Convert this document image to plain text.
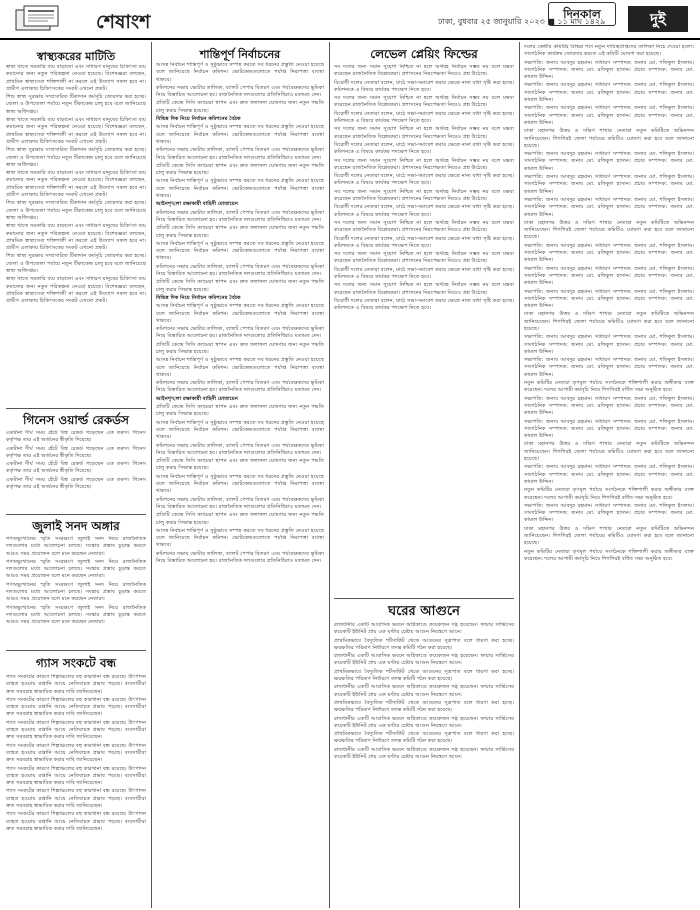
শেষাংশ	ঢাকা, বুধবার ২৫ জানুয়ারি ২০২৩ ■ ১১ মাঘ ১৪২৯
দিনকাল	দুই
স্বাস্থ্যকরের মাটিতি

স্বাস্থ্য খাতে সরকারি ব্যয় বাড়ানো এবং সাধারণ মানুষের চিকিৎসা ব্যয় কমানোর জন্য নতুন পরিকল্পনা নেওয়া হয়েছে। বিশেষজ্ঞরা বলছেন, প্রাথমিক স্বাস্থ্যসেবা শক্তিশালী না করলে এই উদ্যোগ সফল হবে না। গ্রামীণ এলাকায় চিকিৎসকের সংকট এখনো প্রকট।

শিশু স্বাস্থ্য সুরক্ষায় সম্প্রসারিত টিকাদান কর্মসূচি জোরদার করা হচ্ছে। জেলা ও উপজেলা পর্যায়ে নতুন টিকাকেন্দ্র চালু হবে বলে জানিয়েছে স্বাস্থ্য অধিদপ্তর।

স্বাস্থ্য খাতে সরকারি ব্যয় বাড়ানো এবং সাধারণ মানুষের চিকিৎসা ব্যয় কমানোর জন্য নতুন পরিকল্পনা নেওয়া হয়েছে। বিশেষজ্ঞরা বলছেন, প্রাথমিক স্বাস্থ্যসেবা শক্তিশালী না করলে এই উদ্যোগ সফল হবে না। গ্রামীণ এলাকায় চিকিৎসকের সংকট এখনো প্রকট।

শিশু স্বাস্থ্য সুরক্ষায় সম্প্রসারিত টিকাদান কর্মসূচি জোরদার করা হচ্ছে। জেলা ও উপজেলা পর্যায়ে নতুন টিকাকেন্দ্র চালু হবে বলে জানিয়েছে স্বাস্থ্য অধিদপ্তর।

স্বাস্থ্য খাতে সরকারি ব্যয় বাড়ানো এবং সাধারণ মানুষের চিকিৎসা ব্যয় কমানোর জন্য নতুন পরিকল্পনা নেওয়া হয়েছে। বিশেষজ্ঞরা বলছেন, প্রাথমিক স্বাস্থ্যসেবা শক্তিশালী না করলে এই উদ্যোগ সফল হবে না। গ্রামীণ এলাকায় চিকিৎসকের সংকট এখনো প্রকট।

শিশু স্বাস্থ্য সুরক্ষায় সম্প্রসারিত টিকাদান কর্মসূচি জোরদার করা হচ্ছে। জেলা ও উপজেলা পর্যায়ে নতুন টিকাকেন্দ্র চালু হবে বলে জানিয়েছে স্বাস্থ্য অধিদপ্তর।

স্বাস্থ্য খাতে সরকারি ব্যয় বাড়ানো এবং সাধারণ মানুষের চিকিৎসা ব্যয় কমানোর জন্য নতুন পরিকল্পনা নেওয়া হয়েছে। বিশেষজ্ঞরা বলছেন, প্রাথমিক স্বাস্থ্যসেবা শক্তিশালী না করলে এই উদ্যোগ সফল হবে না। গ্রামীণ এলাকায় চিকিৎসকের সংকট এখনো প্রকট।

শিশু স্বাস্থ্য সুরক্ষায় সম্প্রসারিত টিকাদান কর্মসূচি জোরদার করা হচ্ছে। জেলা ও উপজেলা পর্যায়ে নতুন টিকাকেন্দ্র চালু হবে বলে জানিয়েছে স্বাস্থ্য অধিদপ্তর।

স্বাস্থ্য খাতে সরকারি ব্যয় বাড়ানো এবং সাধারণ মানুষের চিকিৎসা ব্যয় কমানোর জন্য নতুন পরিকল্পনা নেওয়া হয়েছে। বিশেষজ্ঞরা বলছেন, প্রাথমিক স্বাস্থ্যসেবা শক্তিশালী না করলে এই উদ্যোগ সফল হবে না। গ্রামীণ এলাকায় চিকিৎসকের সংকট এখনো প্রকট।

গিনেস ওয়ার্ল্ড রেকর্ডস

একটানা দীর্ঘ সময় হেঁটে বিশ্ব রেকর্ড গড়েছেন এক তরুণ। গিনেস কর্তৃপক্ষ তার এই অর্জনের স্বীকৃতি দিয়েছে।

একটানা দীর্ঘ সময় হেঁটে বিশ্ব রেকর্ড গড়েছেন এক তরুণ। গিনেস কর্তৃপক্ষ তার এই অর্জনের স্বীকৃতি দিয়েছে।

একটানা দীর্ঘ সময় হেঁটে বিশ্ব রেকর্ড গড়েছেন এক তরুণ। গিনেস কর্তৃপক্ষ তার এই অর্জনের স্বীকৃতি দিয়েছে।

একটানা দীর্ঘ সময় হেঁটে বিশ্ব রেকর্ড গড়েছেন এক তরুণ। গিনেস কর্তৃপক্ষ তার এই অর্জনের স্বীকৃতি দিয়েছে।

জুলাই সনদ অঙ্গার

গণঅভ্যুত্থানের স্মৃতি সংরক্ষণে জুলাই সনদ নিয়ে রাজনৈতিক দলগুলোর মধ্যে আলোচনা চলছে। সংস্কার প্রস্তাব চূড়ান্ত করতে আরও সময় প্রয়োজন বলে মনে করছেন নেতারা।

গণঅভ্যুত্থানের স্মৃতি সংরক্ষণে জুলাই সনদ নিয়ে রাজনৈতিক দলগুলোর মধ্যে আলোচনা চলছে। সংস্কার প্রস্তাব চূড়ান্ত করতে আরও সময় প্রয়োজন বলে মনে করছেন নেতারা।

গণঅভ্যুত্থানের স্মৃতি সংরক্ষণে জুলাই সনদ নিয়ে রাজনৈতিক দলগুলোর মধ্যে আলোচনা চলছে। সংস্কার প্রস্তাব চূড়ান্ত করতে আরও সময় প্রয়োজন বলে মনে করছেন নেতারা।

গণঅভ্যুত্থানের স্মৃতি সংরক্ষণে জুলাই সনদ নিয়ে রাজনৈতিক দলগুলোর মধ্যে আলোচনা চলছে। সংস্কার প্রস্তাব চূড়ান্ত করতে আরও সময় প্রয়োজন বলে মনে করছেন নেতারা।

গ্যাস সংকটে বন্ধ

গ্যাস সংকটের কারণে শিল্পাঞ্চলের বহু কারখানা বন্ধ রয়েছে। উৎপাদন ব্যাহত হওয়ায় রপ্তানি আয়ে নেতিবাচক প্রভাব পড়ছে। ব্যবসায়ীরা দ্রুত সরবরাহ স্বাভাবিক করার দাবি জানিয়েছেন।

গ্যাস সংকটের কারণে শিল্পাঞ্চলের বহু কারখানা বন্ধ রয়েছে। উৎপাদন ব্যাহত হওয়ায় রপ্তানি আয়ে নেতিবাচক প্রভাব পড়ছে। ব্যবসায়ীরা দ্রুত সরবরাহ স্বাভাবিক করার দাবি জানিয়েছেন।

গ্যাস সংকটের কারণে শিল্পাঞ্চলের বহু কারখানা বন্ধ রয়েছে। উৎপাদন ব্যাহত হওয়ায় রপ্তানি আয়ে নেতিবাচক প্রভাব পড়ছে। ব্যবসায়ীরা দ্রুত সরবরাহ স্বাভাবিক করার দাবি জানিয়েছেন।

গ্যাস সংকটের কারণে শিল্পাঞ্চলের বহু কারখানা বন্ধ রয়েছে। উৎপাদন ব্যাহত হওয়ায় রপ্তানি আয়ে নেতিবাচক প্রভাব পড়ছে। ব্যবসায়ীরা দ্রুত সরবরাহ স্বাভাবিক করার দাবি জানিয়েছেন।

গ্যাস সংকটের কারণে শিল্পাঞ্চলের বহু কারখানা বন্ধ রয়েছে। উৎপাদন ব্যাহত হওয়ায় রপ্তানি আয়ে নেতিবাচক প্রভাব পড়ছে। ব্যবসায়ীরা দ্রুত সরবরাহ স্বাভাবিক করার দাবি জানিয়েছেন।

গ্যাস সংকটের কারণে শিল্পাঞ্চলের বহু কারখানা বন্ধ রয়েছে। উৎপাদন ব্যাহত হওয়ায় রপ্তানি আয়ে নেতিবাচক প্রভাব পড়ছে। ব্যবসায়ীরা দ্রুত সরবরাহ স্বাভাবিক করার দাবি জানিয়েছেন।

গ্যাস সংকটের কারণে শিল্পাঞ্চলের বহু কারখানা বন্ধ রয়েছে। উৎপাদন ব্যাহত হওয়ায় রপ্তানি আয়ে নেতিবাচক প্রভাব পড়ছে। ব্যবসায়ীরা দ্রুত সরবরাহ স্বাভাবিক করার দাবি জানিয়েছেন।

শান্তিপূর্ণ নির্বাচনের

আসন্ন নির্বাচন শান্তিপূর্ণ ও সুষ্ঠুভাবে সম্পন্ন করতে সব ধরনের প্রস্তুতি নেওয়া হয়েছে বলে জানিয়েছে নির্বাচন কমিশন। ভোটকেন্দ্রগুলোতে পর্যাপ্ত নিরাপত্তা ব্যবস্থা থাকবে।

কমিশনের সভায় ভোটার তালিকা, ব্যালট পেপার বিতরণ এবং পর্যবেক্ষকদের ভূমিকা নিয়ে বিস্তারিত আলোচনা হয়। রাজনৈতিক দলগুলোর প্রতিনিধিরাও মতামত দেন।

প্রতিটি কেন্দ্রে সিসি ক্যামেরা স্থাপন এবং দ্রুত ফলাফল ঘোষণার জন্য নতুন পদ্ধতি চালু করার সিদ্ধান্ত হয়েছে।

বিভিন্ন দিক নিয়ে নির্বাচন কমিশনের বৈঠক

আসন্ন নির্বাচন শান্তিপূর্ণ ও সুষ্ঠুভাবে সম্পন্ন করতে সব ধরনের প্রস্তুতি নেওয়া হয়েছে বলে জানিয়েছে নির্বাচন কমিশন। ভোটকেন্দ্রগুলোতে পর্যাপ্ত নিরাপত্তা ব্যবস্থা থাকবে।

কমিশনের সভায় ভোটার তালিকা, ব্যালট পেপার বিতরণ এবং পর্যবেক্ষকদের ভূমিকা নিয়ে বিস্তারিত আলোচনা হয়। রাজনৈতিক দলগুলোর প্রতিনিধিরাও মতামত দেন।

প্রতিটি কেন্দ্রে সিসি ক্যামেরা স্থাপন এবং দ্রুত ফলাফল ঘোষণার জন্য নতুন পদ্ধতি চালু করার সিদ্ধান্ত হয়েছে।

আসন্ন নির্বাচন শান্তিপূর্ণ ও সুষ্ঠুভাবে সম্পন্ন করতে সব ধরনের প্রস্তুতি নেওয়া হয়েছে বলে জানিয়েছে নির্বাচন কমিশন। ভোটকেন্দ্রগুলোতে পর্যাপ্ত নিরাপত্তা ব্যবস্থা থাকবে।

আইনশৃঙ্খলা রক্ষাকারী বাহিনী মোতায়েন

কমিশনের সভায় ভোটার তালিকা, ব্যালট পেপার বিতরণ এবং পর্যবেক্ষকদের ভূমিকা নিয়ে বিস্তারিত আলোচনা হয়। রাজনৈতিক দলগুলোর প্রতিনিধিরাও মতামত দেন।

প্রতিটি কেন্দ্রে সিসি ক্যামেরা স্থাপন এবং দ্রুত ফলাফল ঘোষণার জন্য নতুন পদ্ধতি চালু করার সিদ্ধান্ত হয়েছে।

আসন্ন নির্বাচন শান্তিপূর্ণ ও সুষ্ঠুভাবে সম্পন্ন করতে সব ধরনের প্রস্তুতি নেওয়া হয়েছে বলে জানিয়েছে নির্বাচন কমিশন। ভোটকেন্দ্রগুলোতে পর্যাপ্ত নিরাপত্তা ব্যবস্থা থাকবে।

কমিশনের সভায় ভোটার তালিকা, ব্যালট পেপার বিতরণ এবং পর্যবেক্ষকদের ভূমিকা নিয়ে বিস্তারিত আলোচনা হয়। রাজনৈতিক দলগুলোর প্রতিনিধিরাও মতামত দেন।

প্রতিটি কেন্দ্রে সিসি ক্যামেরা স্থাপন এবং দ্রুত ফলাফল ঘোষণার জন্য নতুন পদ্ধতি চালু করার সিদ্ধান্ত হয়েছে।

বিভিন্ন দিক নিয়ে নির্বাচন কমিশনের বৈঠক

আসন্ন নির্বাচন শান্তিপূর্ণ ও সুষ্ঠুভাবে সম্পন্ন করতে সব ধরনের প্রস্তুতি নেওয়া হয়েছে বলে জানিয়েছে নির্বাচন কমিশন। ভোটকেন্দ্রগুলোতে পর্যাপ্ত নিরাপত্তা ব্যবস্থা থাকবে।

কমিশনের সভায় ভোটার তালিকা, ব্যালট পেপার বিতরণ এবং পর্যবেক্ষকদের ভূমিকা নিয়ে বিস্তারিত আলোচনা হয়। রাজনৈতিক দলগুলোর প্রতিনিধিরাও মতামত দেন।

প্রতিটি কেন্দ্রে সিসি ক্যামেরা স্থাপন এবং দ্রুত ফলাফল ঘোষণার জন্য নতুন পদ্ধতি চালু করার সিদ্ধান্ত হয়েছে।

আসন্ন নির্বাচন শান্তিপূর্ণ ও সুষ্ঠুভাবে সম্পন্ন করতে সব ধরনের প্রস্তুতি নেওয়া হয়েছে বলে জানিয়েছে নির্বাচন কমিশন। ভোটকেন্দ্রগুলোতে পর্যাপ্ত নিরাপত্তা ব্যবস্থা থাকবে।

কমিশনের সভায় ভোটার তালিকা, ব্যালট পেপার বিতরণ এবং পর্যবেক্ষকদের ভূমিকা নিয়ে বিস্তারিত আলোচনা হয়। রাজনৈতিক দলগুলোর প্রতিনিধিরাও মতামত দেন।

আইনশৃঙ্খলা রক্ষাকারী বাহিনী মোতায়েন

প্রতিটি কেন্দ্রে সিসি ক্যামেরা স্থাপন এবং দ্রুত ফলাফল ঘোষণার জন্য নতুন পদ্ধতি চালু করার সিদ্ধান্ত হয়েছে।

আসন্ন নির্বাচন শান্তিপূর্ণ ও সুষ্ঠুভাবে সম্পন্ন করতে সব ধরনের প্রস্তুতি নেওয়া হয়েছে বলে জানিয়েছে নির্বাচন কমিশন। ভোটকেন্দ্রগুলোতে পর্যাপ্ত নিরাপত্তা ব্যবস্থা থাকবে।

কমিশনের সভায় ভোটার তালিকা, ব্যালট পেপার বিতরণ এবং পর্যবেক্ষকদের ভূমিকা নিয়ে বিস্তারিত আলোচনা হয়। রাজনৈতিক দলগুলোর প্রতিনিধিরাও মতামত দেন।

প্রতিটি কেন্দ্রে সিসি ক্যামেরা স্থাপন এবং দ্রুত ফলাফল ঘোষণার জন্য নতুন পদ্ধতি চালু করার সিদ্ধান্ত হয়েছে।

আসন্ন নির্বাচন শান্তিপূর্ণ ও সুষ্ঠুভাবে সম্পন্ন করতে সব ধরনের প্রস্তুতি নেওয়া হয়েছে বলে জানিয়েছে নির্বাচন কমিশন। ভোটকেন্দ্রগুলোতে পর্যাপ্ত নিরাপত্তা ব্যবস্থা থাকবে।

কমিশনের সভায় ভোটার তালিকা, ব্যালট পেপার বিতরণ এবং পর্যবেক্ষকদের ভূমিকা নিয়ে বিস্তারিত আলোচনা হয়। রাজনৈতিক দলগুলোর প্রতিনিধিরাও মতামত দেন।

প্রতিটি কেন্দ্রে সিসি ক্যামেরা স্থাপন এবং দ্রুত ফলাফল ঘোষণার জন্য নতুন পদ্ধতি চালু করার সিদ্ধান্ত হয়েছে।

আসন্ন নির্বাচন শান্তিপূর্ণ ও সুষ্ঠুভাবে সম্পন্ন করতে সব ধরনের প্রস্তুতি নেওয়া হয়েছে বলে জানিয়েছে নির্বাচন কমিশন। ভোটকেন্দ্রগুলোতে পর্যাপ্ত নিরাপত্তা ব্যবস্থা থাকবে।

কমিশনের সভায় ভোটার তালিকা, ব্যালট পেপার বিতরণ এবং পর্যবেক্ষকদের ভূমিকা নিয়ে বিস্তারিত আলোচনা হয়। রাজনৈতিক দলগুলোর প্রতিনিধিরাও মতামত দেন।

লেভেল প্লেয়িং ফিল্ডের

সব দলের জন্য সমান সুযোগ নিশ্চিত না হলে অর্থবহ নির্বাচন সম্ভব নয় বলে মন্তব্য করেছেন রাজনৈতিক বিশ্লেষকরা। প্রশাসনের নিরপেক্ষতা নিয়েও প্রশ্ন উঠেছে।

বিরোধী দলের নেতারা বলেন, মাঠে সভা-সমাবেশ করার ক্ষেত্রে নানা বাধা সৃষ্টি করা হচ্ছে। কমিশনকে এ বিষয়ে কার্যকর পদক্ষেপ নিতে হবে।

সব দলের জন্য সমান সুযোগ নিশ্চিত না হলে অর্থবহ নির্বাচন সম্ভব নয় বলে মন্তব্য করেছেন রাজনৈতিক বিশ্লেষকরা। প্রশাসনের নিরপেক্ষতা নিয়েও প্রশ্ন উঠেছে।

বিরোধী দলের নেতারা বলেন, মাঠে সভা-সমাবেশ করার ক্ষেত্রে নানা বাধা সৃষ্টি করা হচ্ছে। কমিশনকে এ বিষয়ে কার্যকর পদক্ষেপ নিতে হবে।

সব দলের জন্য সমান সুযোগ নিশ্চিত না হলে অর্থবহ নির্বাচন সম্ভব নয় বলে মন্তব্য করেছেন রাজনৈতিক বিশ্লেষকরা। প্রশাসনের নিরপেক্ষতা নিয়েও প্রশ্ন উঠেছে।

বিরোধী দলের নেতারা বলেন, মাঠে সভা-সমাবেশ করার ক্ষেত্রে নানা বাধা সৃষ্টি করা হচ্ছে। কমিশনকে এ বিষয়ে কার্যকর পদক্ষেপ নিতে হবে।

সব দলের জন্য সমান সুযোগ নিশ্চিত না হলে অর্থবহ নির্বাচন সম্ভব নয় বলে মন্তব্য করেছেন রাজনৈতিক বিশ্লেষকরা। প্রশাসনের নিরপেক্ষতা নিয়েও প্রশ্ন উঠেছে।

বিরোধী দলের নেতারা বলেন, মাঠে সভা-সমাবেশ করার ক্ষেত্রে নানা বাধা সৃষ্টি করা হচ্ছে। কমিশনকে এ বিষয়ে কার্যকর পদক্ষেপ নিতে হবে।

সব দলের জন্য সমান সুযোগ নিশ্চিত না হলে অর্থবহ নির্বাচন সম্ভব নয় বলে মন্তব্য করেছেন রাজনৈতিক বিশ্লেষকরা। প্রশাসনের নিরপেক্ষতা নিয়েও প্রশ্ন উঠেছে।

বিরোধী দলের নেতারা বলেন, মাঠে সভা-সমাবেশ করার ক্ষেত্রে নানা বাধা সৃষ্টি করা হচ্ছে। কমিশনকে এ বিষয়ে কার্যকর পদক্ষেপ নিতে হবে।

সব দলের জন্য সমান সুযোগ নিশ্চিত না হলে অর্থবহ নির্বাচন সম্ভব নয় বলে মন্তব্য করেছেন রাজনৈতিক বিশ্লেষকরা। প্রশাসনের নিরপেক্ষতা নিয়েও প্রশ্ন উঠেছে।

বিরোধী দলের নেতারা বলেন, মাঠে সভা-সমাবেশ করার ক্ষেত্রে নানা বাধা সৃষ্টি করা হচ্ছে। কমিশনকে এ বিষয়ে কার্যকর পদক্ষেপ নিতে হবে।

সব দলের জন্য সমান সুযোগ নিশ্চিত না হলে অর্থবহ নির্বাচন সম্ভব নয় বলে মন্তব্য করেছেন রাজনৈতিক বিশ্লেষকরা। প্রশাসনের নিরপেক্ষতা নিয়েও প্রশ্ন উঠেছে।

বিরোধী দলের নেতারা বলেন, মাঠে সভা-সমাবেশ করার ক্ষেত্রে নানা বাধা সৃষ্টি করা হচ্ছে। কমিশনকে এ বিষয়ে কার্যকর পদক্ষেপ নিতে হবে।

সব দলের জন্য সমান সুযোগ নিশ্চিত না হলে অর্থবহ নির্বাচন সম্ভব নয় বলে মন্তব্য করেছেন রাজনৈতিক বিশ্লেষকরা। প্রশাসনের নিরপেক্ষতা নিয়েও প্রশ্ন উঠেছে।

বিরোধী দলের নেতারা বলেন, মাঠে সভা-সমাবেশ করার ক্ষেত্রে নানা বাধা সৃষ্টি করা হচ্ছে। কমিশনকে এ বিষয়ে কার্যকর পদক্ষেপ নিতে হবে।

ঘরের আগুনে

রাজধানীর একটি আবাসিক ভবনে অগ্নিকাণ্ডে কয়েকজন দগ্ধ হয়েছেন। ফায়ার সার্ভিসের কয়েকটি ইউনিট প্রায় এক ঘণ্টার চেষ্টায় আগুন নিয়ন্ত্রণে আনে।

প্রাথমিকভাবে বৈদ্যুতিক শর্টসার্কিট থেকে আগুনের সূত্রপাত বলে ধারণা করা হচ্ছে। ক্ষয়ক্ষতির পরিমাণ নির্ধারণে তদন্ত কমিটি গঠন করা হয়েছে।

রাজধানীর একটি আবাসিক ভবনে অগ্নিকাণ্ডে কয়েকজন দগ্ধ হয়েছেন। ফায়ার সার্ভিসের কয়েকটি ইউনিট প্রায় এক ঘণ্টার চেষ্টায় আগুন নিয়ন্ত্রণে আনে।

প্রাথমিকভাবে বৈদ্যুতিক শর্টসার্কিট থেকে আগুনের সূত্রপাত বলে ধারণা করা হচ্ছে। ক্ষয়ক্ষতির পরিমাণ নির্ধারণে তদন্ত কমিটি গঠন করা হয়েছে।

রাজধানীর একটি আবাসিক ভবনে অগ্নিকাণ্ডে কয়েকজন দগ্ধ হয়েছেন। ফায়ার সার্ভিসের কয়েকটি ইউনিট প্রায় এক ঘণ্টার চেষ্টায় আগুন নিয়ন্ত্রণে আনে।

প্রাথমিকভাবে বৈদ্যুতিক শর্টসার্কিট থেকে আগুনের সূত্রপাত বলে ধারণা করা হচ্ছে। ক্ষয়ক্ষতির পরিমাণ নির্ধারণে তদন্ত কমিটি গঠন করা হয়েছে।

রাজধানীর একটি আবাসিক ভবনে অগ্নিকাণ্ডে কয়েকজন দগ্ধ হয়েছেন। ফায়ার সার্ভিসের কয়েকটি ইউনিট প্রায় এক ঘণ্টার চেষ্টায় আগুন নিয়ন্ত্রণে আনে।

প্রাথমিকভাবে বৈদ্যুতিক শর্টসার্কিট থেকে আগুনের সূত্রপাত বলে ধারণা করা হচ্ছে। ক্ষয়ক্ষতির পরিমাণ নির্ধারণে তদন্ত কমিটি গঠন করা হয়েছে।

রাজধানীর একটি আবাসিক ভবনে অগ্নিকাণ্ডে কয়েকজন দগ্ধ হয়েছেন। ফায়ার সার্ভিসের কয়েকটি ইউনিট প্রায় এক ঘণ্টার চেষ্টায় আগুন নিয়ন্ত্রণে আনে।

দলের কেন্দ্রীয় কমিটির বিভিন্ন পদে নতুন দায়িত্বপ্রাপ্তদের তালিকা নিচে দেওয়া হলো। সাংগঠনিক কার্যক্রম জোরদার করতে এই কমিটি ঘোষণা করা হয়েছে।

সভাপতি: জনাব আবদুর রহমান। সাধারণ সম্পাদক: জনাব মো. শফিকুল ইসলাম। সাংগঠনিক সম্পাদক: জনাব মো. রফিকুল হাসান। প্রচার সম্পাদক: জনাব মো. কামাল উদ্দিন।

সভাপতি: জনাব আবদুর রহমান। সাধারণ সম্পাদক: জনাব মো. শফিকুল ইসলাম। সাংগঠনিক সম্পাদক: জনাব মো. রফিকুল হাসান। প্রচার সম্পাদক: জনাব মো. কামাল উদ্দিন।

সভাপতি: জনাব আবদুর রহমান। সাধারণ সম্পাদক: জনাব মো. শফিকুল ইসলাম। সাংগঠনিক সম্পাদক: জনাব মো. রফিকুল হাসান। প্রচার সম্পাদক: জনাব মো. কামাল উদ্দিন।

ঢাকা মহানগর উত্তর ও দক্ষিণ শাখার নেতারা নতুন কমিটিকে অভিনন্দন জানিয়েছেন। শিগগিরই জেলা পর্যায়ের কমিটিও ঘোষণা করা হবে বলে জানানো হয়েছে।

সভাপতি: জনাব আবদুর রহমান। সাধারণ সম্পাদক: জনাব মো. শফিকুল ইসলাম। সাংগঠনিক সম্পাদক: জনাব মো. রফিকুল হাসান। প্রচার সম্পাদক: জনাব মো. কামাল উদ্দিন।

সভাপতি: জনাব আবদুর রহমান। সাধারণ সম্পাদক: জনাব মো. শফিকুল ইসলাম। সাংগঠনিক সম্পাদক: জনাব মো. রফিকুল হাসান। প্রচার সম্পাদক: জনাব মো. কামাল উদ্দিন।

সভাপতি: জনাব আবদুর রহমান। সাধারণ সম্পাদক: জনাব মো. শফিকুল ইসলাম। সাংগঠনিক সম্পাদক: জনাব মো. রফিকুল হাসান। প্রচার সম্পাদক: জনাব মো. কামাল উদ্দিন।

ঢাকা মহানগর উত্তর ও দক্ষিণ শাখার নেতারা নতুন কমিটিকে অভিনন্দন জানিয়েছেন। শিগগিরই জেলা পর্যায়ের কমিটিও ঘোষণা করা হবে বলে জানানো হয়েছে।

সভাপতি: জনাব আবদুর রহমান। সাধারণ সম্পাদক: জনাব মো. শফিকুল ইসলাম। সাংগঠনিক সম্পাদক: জনাব মো. রফিকুল হাসান। প্রচার সম্পাদক: জনাব মো. কামাল উদ্দিন।

সভাপতি: জনাব আবদুর রহমান। সাধারণ সম্পাদক: জনাব মো. শফিকুল ইসলাম। সাংগঠনিক সম্পাদক: জনাব মো. রফিকুল হাসান। প্রচার সম্পাদক: জনাব মো. কামাল উদ্দিন।

সভাপতি: জনাব আবদুর রহমান। সাধারণ সম্পাদক: জনাব মো. শফিকুল ইসলাম। সাংগঠনিক সম্পাদক: জনাব মো. রফিকুল হাসান। প্রচার সম্পাদক: জনাব মো. কামাল উদ্দিন।

ঢাকা মহানগর উত্তর ও দক্ষিণ শাখার নেতারা নতুন কমিটিকে অভিনন্দন জানিয়েছেন। শিগগিরই জেলা পর্যায়ের কমিটিও ঘোষণা করা হবে বলে জানানো হয়েছে।

সভাপতি: জনাব আবদুর রহমান। সাধারণ সম্পাদক: জনাব মো. শফিকুল ইসলাম। সাংগঠনিক সম্পাদক: জনাব মো. রফিকুল হাসান। প্রচার সম্পাদক: জনাব মো. কামাল উদ্দিন।

সভাপতি: জনাব আবদুর রহমান। সাধারণ সম্পাদক: জনাব মো. শফিকুল ইসলাম। সাংগঠনিক সম্পাদক: জনাব মো. রফিকুল হাসান। প্রচার সম্পাদক: জনাব মো. কামাল উদ্দিন।

নতুন কমিটির নেতারা তৃণমূল পর্যায়ে সংগঠনকে শক্তিশালী করার অঙ্গীকার ব্যক্ত করেছেন। দলের আগামী কর্মসূচি নিয়ে শিগগিরই বর্ধিত সভা অনুষ্ঠিত হবে।

সভাপতি: জনাব আবদুর রহমান। সাধারণ সম্পাদক: জনাব মো. শফিকুল ইসলাম। সাংগঠনিক সম্পাদক: জনাব মো. রফিকুল হাসান। প্রচার সম্পাদক: জনাব মো. কামাল উদ্দিন।

সভাপতি: জনাব আবদুর রহমান। সাধারণ সম্পাদক: জনাব মো. শফিকুল ইসলাম। সাংগঠনিক সম্পাদক: জনাব মো. রফিকুল হাসান। প্রচার সম্পাদক: জনাব মো. কামাল উদ্দিন।

ঢাকা মহানগর উত্তর ও দক্ষিণ শাখার নেতারা নতুন কমিটিকে অভিনন্দন জানিয়েছেন। শিগগিরই জেলা পর্যায়ের কমিটিও ঘোষণা করা হবে বলে জানানো হয়েছে।

সভাপতি: জনাব আবদুর রহমান। সাধারণ সম্পাদক: জনাব মো. শফিকুল ইসলাম। সাংগঠনিক সম্পাদক: জনাব মো. রফিকুল হাসান। প্রচার সম্পাদক: জনাব মো. কামাল উদ্দিন।

নতুন কমিটির নেতারা তৃণমূল পর্যায়ে সংগঠনকে শক্তিশালী করার অঙ্গীকার ব্যক্ত করেছেন। দলের আগামী কর্মসূচি নিয়ে শিগগিরই বর্ধিত সভা অনুষ্ঠিত হবে।

সভাপতি: জনাব আবদুর রহমান। সাধারণ সম্পাদক: জনাব মো. শফিকুল ইসলাম। সাংগঠনিক সম্পাদক: জনাব মো. রফিকুল হাসান। প্রচার সম্পাদক: জনাব মো. কামাল উদ্দিন।

ঢাকা মহানগর উত্তর ও দক্ষিণ শাখার নেতারা নতুন কমিটিকে অভিনন্দন জানিয়েছেন। শিগগিরই জেলা পর্যায়ের কমিটিও ঘোষণা করা হবে বলে জানানো হয়েছে।

নতুন কমিটির নেতারা তৃণমূল পর্যায়ে সংগঠনকে শক্তিশালী করার অঙ্গীকার ব্যক্ত করেছেন। দলের আগামী কর্মসূচি নিয়ে শিগগিরই বর্ধিত সভা অনুষ্ঠিত হবে।
